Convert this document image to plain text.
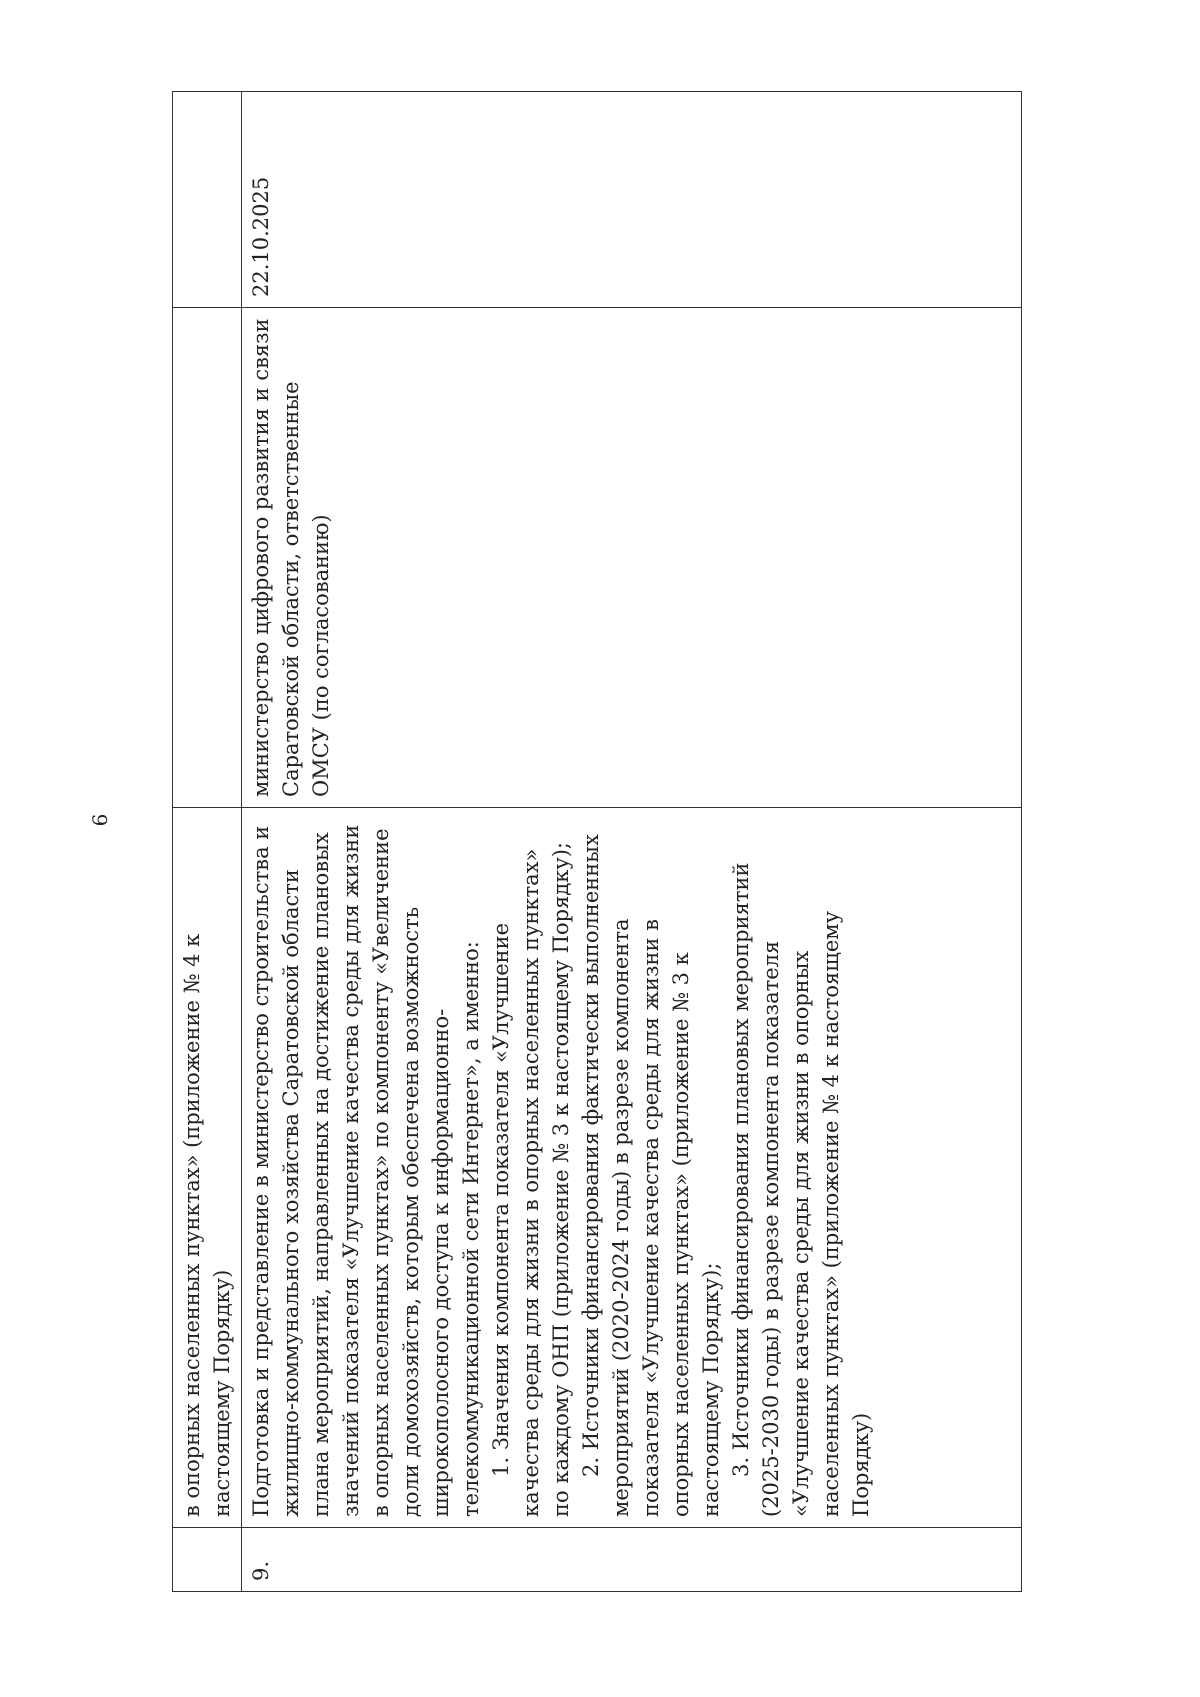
6

	в опорных населенных пунктах» (приложение № 4 к настоящему Порядку)		

9.	Подготовка и представление в министерство строительства и жилищно-коммунального хозяйства Саратовской области плана мероприятий, направленных на достижение плановых значений показателя «Улучшение качества среды для жизни в опорных населенных пунктах» по компоненту «Увеличение доли домохозяйств, которым обеспечена возможность широкополосного доступа к информационно-телекоммуникационной сети Интернет», а именно: 1. Значения компонента показателя «Улучшение качества среды для жизни в опорных населенных пунктах» по каждому ОНП (приложение № 3 к настоящему Порядку); 2. Источники финансирования фактически выполненных мероприятий (2020-2024 годы) в разрезе компонента показателя «Улучшение качества среды для жизни в опорных населенных пунктах» (приложение № 3 к настоящему Порядку); 3. Источники финансирования плановых мероприятий (2025-2030 годы) в разрезе компонента показателя «Улучшение качества среды для жизни в опорных населенных пунктах» (приложение № 4 к настоящему Порядку)	министерство цифрового развития и связи Саратовской области, ответственные ОМСУ (по согласованию)	22.10.2025
